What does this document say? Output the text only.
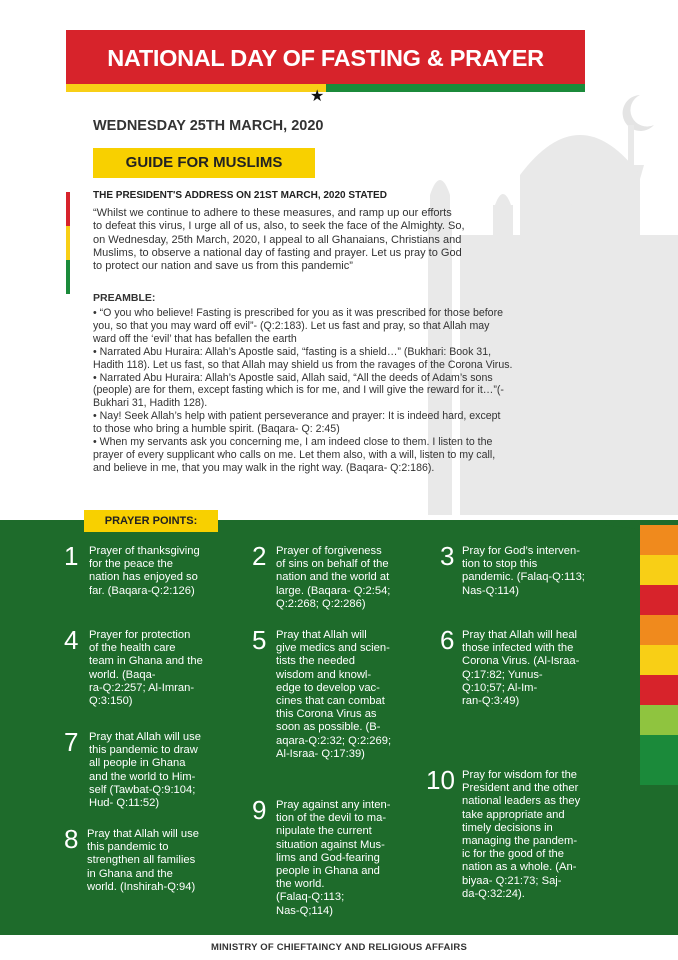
NATIONAL DAY OF FASTING & PRAYER
★
WEDNESDAY 25TH MARCH, 2020
GUIDE FOR MUSLIMS
THE PRESIDENT'S ADDRESS ON 21ST MARCH, 2020 STATED
“Whilst we continue to adhere to these measures, and ramp up our efforts
to defeat this virus, I urge all of us, also, to seek the face of the Almighty. So,
on Wednesday, 25th March, 2020, I appeal to all Ghanaians, Christians and
Muslims, to observe a national day of fasting and prayer. Let us pray to God
to protect our nation and save us from this pandemic”
PREAMBLE:

• “O you who believe! Fasting is prescribed for you as it was prescribed for those before

you, so that you may ward off evil”- (Q:2:183). Let us fast and pray, so that Allah may

ward off the ‘evil’ that has befallen the earth

• Narrated Abu Huraira: Allah’s Apostle said, “fasting is a shield…” (Bukhari: Book 31,

Hadith 118). Let us fast, so that Allah may shield us from the ravages of the Corona Virus.

• Narrated Abu Huraira: Allah’s Apostle said, Allah said, “All the deeds of Adam’s sons

(people) are for them, except fasting which is for me, and I will give the reward for it…”(-

Bukhari 31, Hadith 128).

• Nay! Seek Allah’s help with patient perseverance and prayer: It is indeed hard, except

to those who bring a humble spirit. (Baqara- Q: 2:45)

• When my servants ask you concerning me, I am indeed close to them. I listen to the

prayer of every supplicant who calls on me. Let them also, with a will, listen to my call,

and believe in me, that you may walk in the right way. (Baqara- Q:2:186).

PRAYER POINTS:
1 Prayer of thanksgiving
for the peace the
nation has enjoyed so
far. (Baqara-Q:2:126)
2 Prayer of forgiveness
of sins on behalf of the
nation and the world at
large. (Baqara- Q:2:54;
Q:2:268; Q:2:286)
3 Pray for God’s interven-
tion to stop this
pandemic. (Falaq-Q:113;
Nas-Q:114)
4 Prayer for protection
of the health care
team in Ghana and the
world. (Baqa-
ra-Q:2:257; Al-Imran-
Q:3:150)
5 Pray that Allah will
give medics and scien-
tists the needed
wisdom and knowl-
edge to develop vac-
cines that can combat
this Corona Virus as
soon as possible. (B-
aqara-Q:2:32; Q:2:269;
Al-Israa- Q:17:39)
6 Pray that Allah will heal
those infected with the
Corona Virus. (Al-Israa-
Q:17:82; Yunus-
Q:10;57; Al-Im-
ran-Q:3:49)
7 Pray that Allah will use
this pandemic to draw
all people in Ghana
and the world to Him-
self (Tawbat-Q:9:104;
Hud- Q:11:52)
8 Pray that Allah will use
this pandemic to
strengthen all families
in Ghana and the
world. (Inshirah-Q:94)
9 Pray against any inten-
tion of the devil to ma-
nipulate the current
situation against Mus-
lims and God-fearing
people in Ghana and
the world.
(Falaq-Q:113;
Nas-Q;114)
10 Pray for wisdom for the
President and the other
national leaders as they
take appropriate and
timely decisions in
managing the pandem-
ic for the good of the
nation as a whole. (An-
biyaa- Q:21:73; Saj-
da-Q:32:24).
MINISTRY OF CHIEFTAINCY AND RELIGIOUS AFFAIRS
